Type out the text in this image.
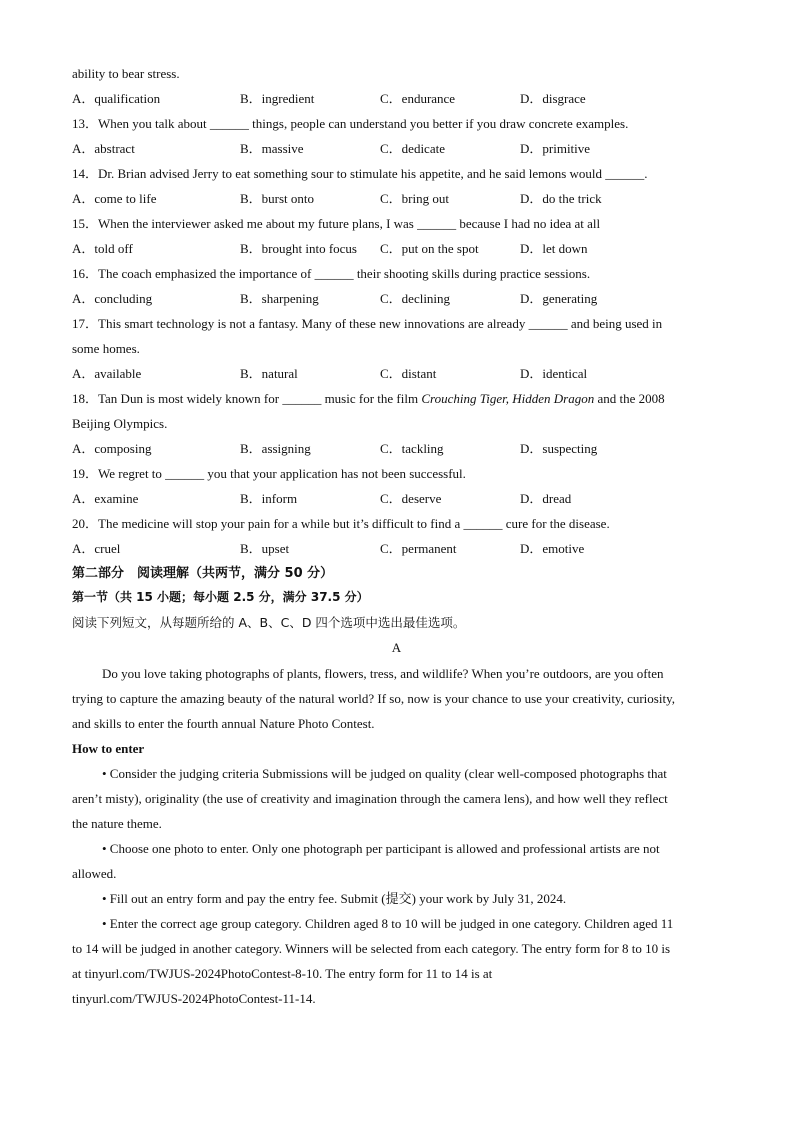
ability to bear stress.
A．qualification	B．ingredient	C．endurance	D．disgrace
13．When you talk about ______ things, people can understand you better if you draw concrete examples.
A．abstract	B．massive	C．dedicate	D．primitive
14．Dr. Brian advised Jerry to eat something sour to stimulate his appetite, and he said lemons would ______.
A．come to life	B．burst onto	C．bring out	D．do the trick
15．When the interviewer asked me about my future plans, I was ______ because I had no idea at all
A．told off	B．brought into focus C．put on the spot	D．let down
16．The coach emphasized the importance of ______ their shooting skills during practice sessions.
A．concluding	B．sharpening	C．declining	D．generating
17．This smart technology is not a fantasy. Many of these new innovations are already ______ and being used in
some homes.
A．available	B．natural	C．distant	D．identical
18．Tan Dun is most widely known for ______ music for the film Crouching Tiger, Hidden Dragon and the 2008
Beijing Olympics.
A．composing	B．assigning	C．tackling	D．suspecting
19．We regret to ______ you that your application has not been successful.
A．examine	B．inform	C．deserve	D．dread
20．The medicine will stop your pain for a while but it’s difficult to find a ______ cure for the disease.
A．cruel	B．upset	C．permanent	D．emotive
第二部分　阅读理解（共两节，满分 50 分）
第一节（共 15 小题；每小题 2.5 分，满分 37.5 分）
阅读下列短文，从每题所给的 A、B、C、D 四个选项中选出最佳选项。
A
Do you love taking photographs of plants, flowers, tress, and wildlife? When you’re outdoors, are you often
trying to capture the amazing beauty of the natural world? If so, now is your chance to use your creativity, curiosity,
and skills to enter the fourth annual Nature Photo Contest.
How to enter
• Consider the judging criteria Submissions will be judged on quality (clear well-composed photographs that
aren’t misty), originality (the use of creativity and imagination through the camera lens), and how well they reflect
the nature theme.
• Choose one photo to enter. Only one photograph per participant is allowed and professional artists are not
allowed.
• Fill out an entry form and pay the entry fee. Submit (提交) your work by July 31, 2024.
• Enter the correct age group category. Children aged 8 to 10 will be judged in one category. Children aged 11
to 14 will be judged in another category. Winners will be selected from each category. The entry form for 8 to 10 is
at tinyurl.com/TWJUS-2024PhotoContest-8-10. The entry form for 11 to 14 is at
tinyurl.com/TWJUS-2024PhotoContest-11-14.
